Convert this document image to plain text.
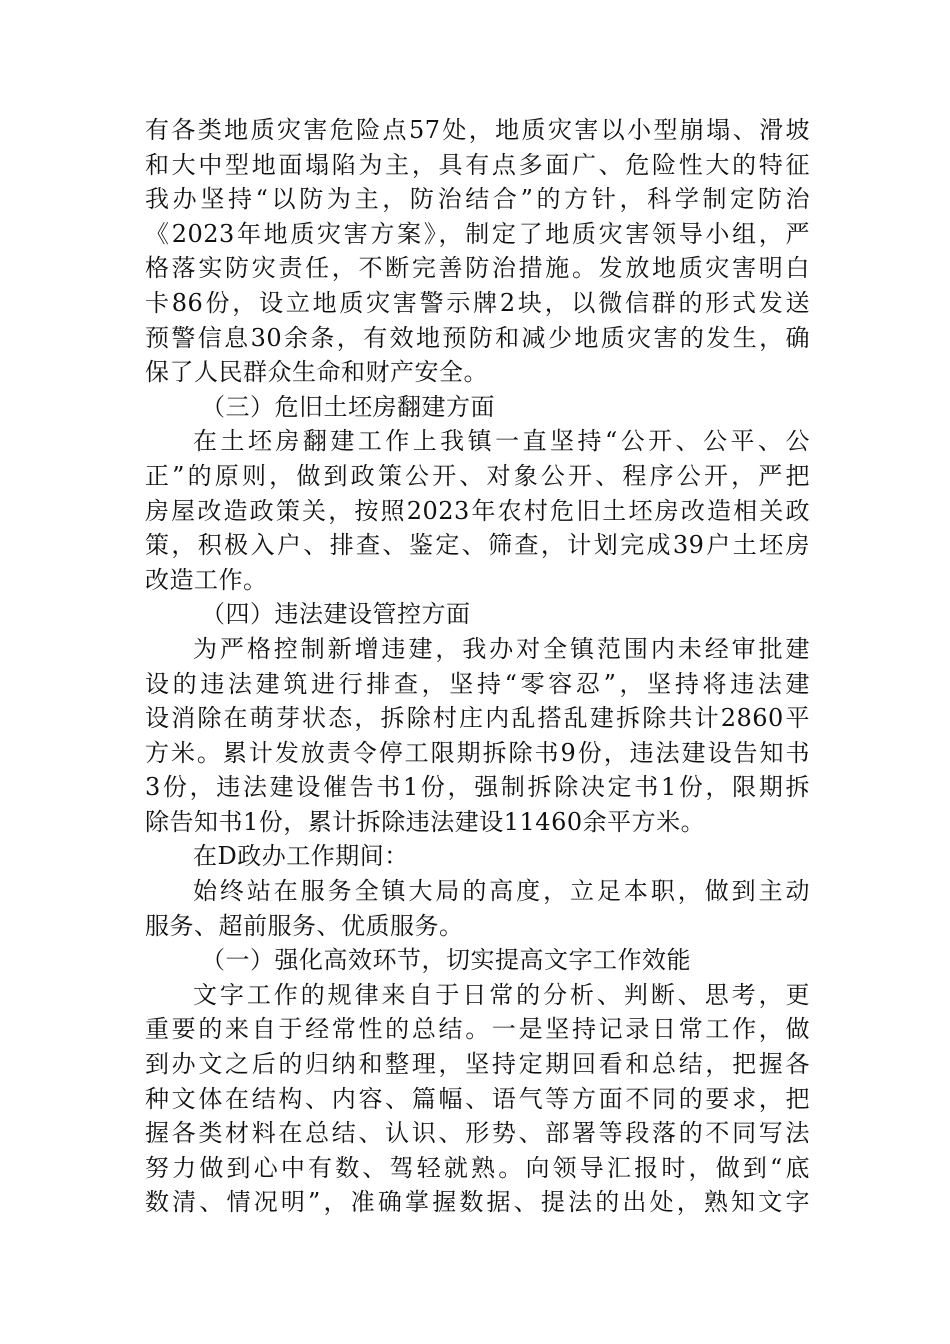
有各类地质灾害危险点57处，地质灾害以小型崩塌、滑坡
和大中型地面塌陷为主，具有点多面广、危险性大的特征
我办坚持“以防为主，防治结合”的方针，科学制定防治
《2023年地质灾害方案》，制定了地质灾害领导小组，严
格落实防灾责任，不断完善防治措施。发放地质灾害明白
卡86份，设立地质灾害警示牌2块，以微信群的形式发送
预警信息30余条，有效地预防和减少地质灾害的发生，确
保了人民群众生命和财产安全。
（三）危旧土坯房翻建方面
在土坯房翻建工作上我镇一直坚持“公开、公平、公
正”的原则，做到政策公开、对象公开、程序公开，严把
房屋改造政策关，按照2023年农村危旧土坯房改造相关政
策，积极入户、排查、鉴定、筛查，计划完成39户土坯房
改造工作。
（四）违法建设管控方面
为严格控制新增违建，我办对全镇范围内未经审批建
设的违法建筑进行排查，坚持“零容忍”，坚持将违法建
设消除在萌芽状态，拆除村庄内乱搭乱建拆除共计2860平
方米。累计发放责令停工限期拆除书9份，违法建设告知书
3份，违法建设催告书1份，强制拆除决定书1份，限期拆
除告知书1份，累计拆除违法建设11460余平方米。
在D政办工作期间：
始终站在服务全镇大局的高度，立足本职，做到主动
服务、超前服务、优质服务。
（一）强化高效环节，切实提高文字工作效能
文字工作的规律来自于日常的分析、判断、思考，更
重要的来自于经常性的总结。一是坚持记录日常工作，做
到办文之后的归纳和整理，坚持定期回看和总结，把握各
种文体在结构、内容、篇幅、语气等方面不同的要求，把
握各类材料在总结、认识、形势、部署等段落的不同写法
努力做到心中有数、驾轻就熟。向领导汇报时，做到“底
数清、情况明”，准确掌握数据、提法的出处，熟知文字
